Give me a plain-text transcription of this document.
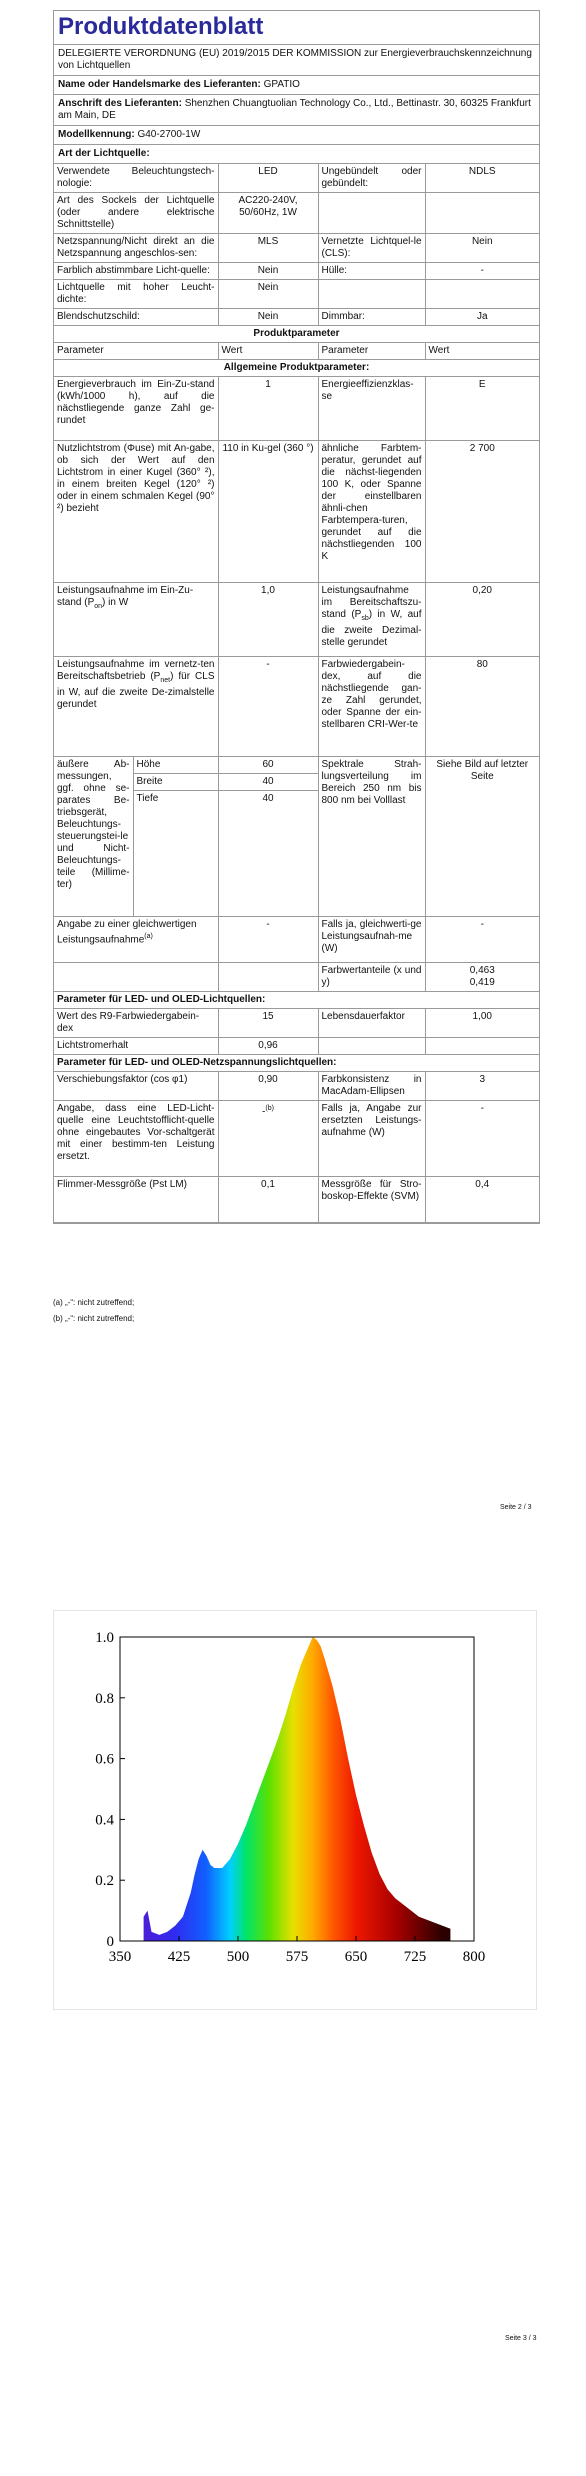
Produktdatenblatt
DELEGIERTE VERORDNUNG (EU) 2019/2015 DER KOMMISSION zur Energieverbrauchskennzeichnung von Lichtquellen
Name oder Handelsmarke des Lieferanten: GPATIO
Anschrift des Lieferanten: Shenzhen Chuangtuolian Technology Co., Ltd., Bettinastr. 30, 60325 Frankfurt am Main, DE
Modellkennung: G40-2700-1W
Art der Lichtquelle:
Verwendete Beleuchtungstech-nologie:	LED	Ungebündelt oder gebündelt:	NDLS
Art des Sockels der Lichtquelle (oder andere elektrische Schnittstelle)	AC220-240V, 50/60Hz, 1W		
Netzspannung/Nicht direkt an die Netzspannung angeschlos-sen:	MLS	Vernetzte Lichtquel-le (CLS):	Nein
Farblich abstimmbare Licht-quelle:	Nein	Hülle:	-
Lichtquelle mit hoher Leucht-dichte:	Nein		
Blendschutzschild:	Nein	Dimmbar:	Ja
Produktparameter				
Parameter		Wert	Parameter	Wert
Allgemeine Produktparameter:				
Energieverbrauch im Ein-Zu-stand (kWh/1000 h), auf die nächstliegende ganze Zahl ge-rundet		1	Energieeffizienzklas-se	E
Nutzlichtstrom (Φuse) mit An-gabe, ob sich der Wert auf den Lichtstrom in einer Kugel (360° ²), in einem breiten Kegel (120° ²) oder in einem schmalen Kegel (90° ²) bezieht		110 in Ku-gel (360 °)	ähnliche Farbtem-peratur, gerundet auf die nächst-liegenden 100 K, oder Spanne der einstellbaren ähnli-chen Farbtempera-turen, gerundet auf die nächstliegenden 100 K	2 700
Leistungsaufnahme im Ein-Zu-stand $(P_{on})$ in W		1,0	Leistungsaufnahme im Bereitschaftszu-stand $(P_{sb})$ in W, auf die zweite Dezimal-stelle gerundet	0,20
Leistungsaufnahme im vernetz-ten Bereitschaftsbetrieb $(P_{net})$ für CLS in W, auf die zweite De-zimalstelle gerundet		-	Farbwiedergabein-dex, auf die nächstliegende gan-ze Zahl gerundet, oder Spanne der ein-stellbaren CRI-Wer-te	80
äußere Ab-messungen, ggf. ohne se-parates Be-triebsgerät, Beleuchtungs-steuerungstei-le und Nicht-Beleuchtungs-teile (Millime-ter)	Höhe	60	Spektrale Strah-lungsverteilung im Bereich 250 nm bis 800 nm bei Volllast	Siehe Bild auf letzter Seite
	Breite	40		
	Tiefe	40		
Angabe zu einer gleichwertigen Leistungsaufnahme$^{(a)}$		-	Falls ja, gleichwerti-ge Leistungsaufnah-me (W)	-
			Farbwertanteile (x und y)	0,463
0,419

Parameter für LED- und OLED-Lichtquellen:				
Wert des R9-Farbwiedergabein-dex		15	Lebensdauerfaktor	1,00
Lichtstromerhalt		0,96		
Parameter für LED- und OLED-Netzspannungslichtquellen:				
Verschiebungsfaktor (cos φ1)		0,90	Farbkonsistenz in MacAdam-Ellipsen	3
Angabe, dass eine LED-Licht-quelle eine Leuchtstofflicht-quelle ohne eingebautes Vor-schaltgerät mit einer bestimm-ten Leistung ersetzt.		-$^{(b)}$	Falls ja, Angabe zur ersetzten Leistungs-aufnahme (W)	-
Flimmer-Messgröße (Pst LM)		0,1	Messgröße für Stro-boskop-Effekte (SVM)	0,4
(a) „-“: nicht zutreffend;
(b) „-“: nicht zutreffend;
Seite 2 / 3
350 425 500 575 650 725 800
0
0.2
0.4
0.6
0.8
1.0
Seite 3 / 3
